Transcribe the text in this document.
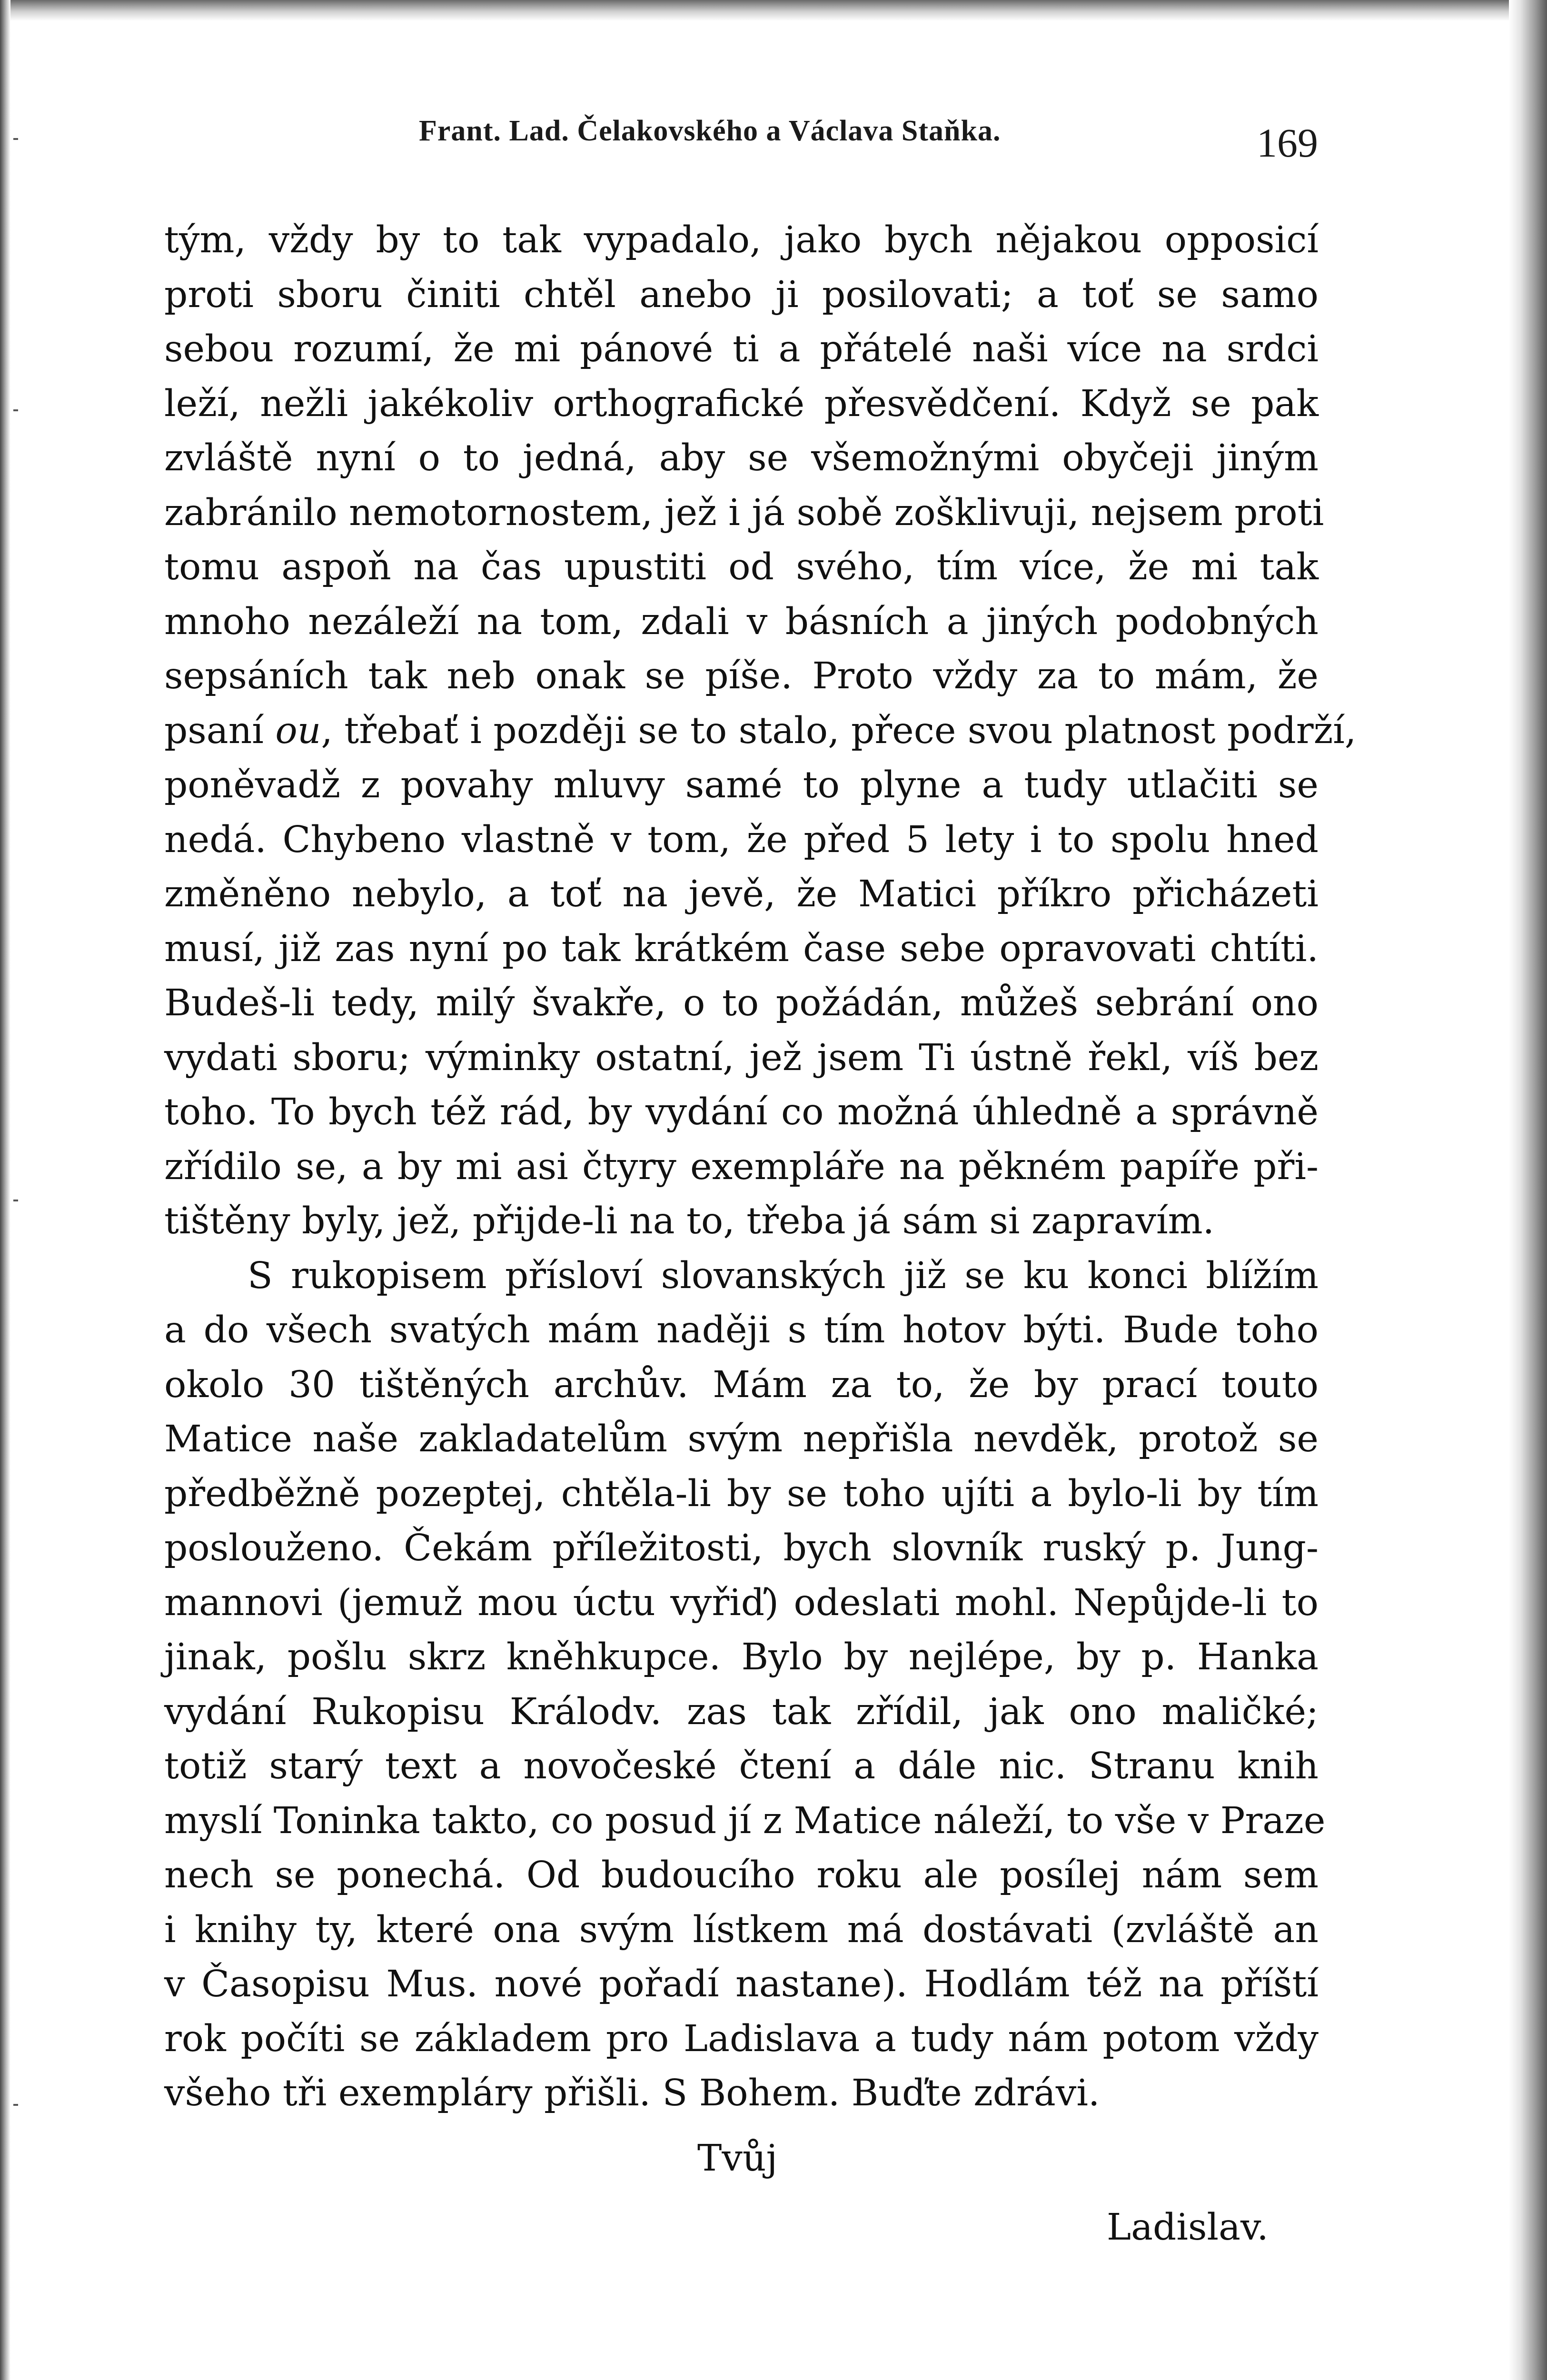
Frant. Lad. Čelakovského a Václava Staňka.	169
tým, vždy by to tak vypadalo, jako bych nějakou opposicí
proti sboru činiti chtěl anebo ji posilovati; a toť se samo
sebou rozumí, že mi pánové ti a přátelé naši více na srdci
leží, nežli jakékoliv orthografické přesvědčení. Když se pak
zvláště nyní o to jedná, aby se všemožnými obyčeji jiným
zabránilo nemotornostem, jež i já sobě zošklivuji, nejsem proti
tomu aspoň na čas upustiti od svého, tím více, že mi tak
mnoho nezáleží na tom, zdali v básních a jiných podobných
sepsáních tak neb onak se píše. Proto vždy za to mám, že
psaní ou, třebať i později se to stalo, přece svou platnost podrží,
poněvadž z povahy mluvy samé to plyne a tudy utlačiti se
nedá. Chybeno vlastně v tom, že před 5 lety i to spolu hned
změněno nebylo, a toť na jevě, že Matici příkro přicházeti
musí, již zas nyní po tak krátkém čase sebe opravovati chtíti.
Budeš-li tedy, milý švakře, o to požádán, můžeš sebrání ono
vydati sboru; výminky ostatní, jež jsem Ti ústně řekl, víš bez
toho. To bych též rád, by vydání co možná úhledně a správně
zřídilo se, a by mi asi čtyry exempláře na pěkném papíře při-
tištěny byly, jež, přijde-li na to, třeba já sám si zapravím.
S rukopisem přísloví slovanských již se ku konci blížím
a do všech svatých mám naději s tím hotov býti. Bude toho
okolo 30 tištěných archův. Mám za to, že by prací touto
Matice naše zakladatelům svým nepřišla nevděk, protož se
předběžně pozeptej, chtěla-li by se toho ujíti a bylo-li by tím
poslouženo. Čekám příležitosti, bych slovník ruský p. Jung-
mannovi (jemuž mou úctu vyřiď) odeslati mohl. Nepůjde-li to
jinak, pošlu skrz kněhkupce. Bylo by nejlépe, by p. Hanka
vydání Rukopisu Králodv. zas tak zřídil, jak ono maličké;
totiž starý text a novočeské čtení a dále nic. Stranu knih
myslí Toninka takto, co posud jí z Matice náleží, to vše v Praze
nech se ponechá. Od budoucího roku ale posílej nám sem
i knihy ty, které ona svým lístkem má dostávati (zvláště an
v Časopisu Mus. nové pořadí nastane). Hodlám též na příští
rok počíti se základem pro Ladislava a tudy nám potom vždy
všeho tři exempláry přišli. S Bohem. Buďte zdrávi.
Tvůj
Ladislav.
